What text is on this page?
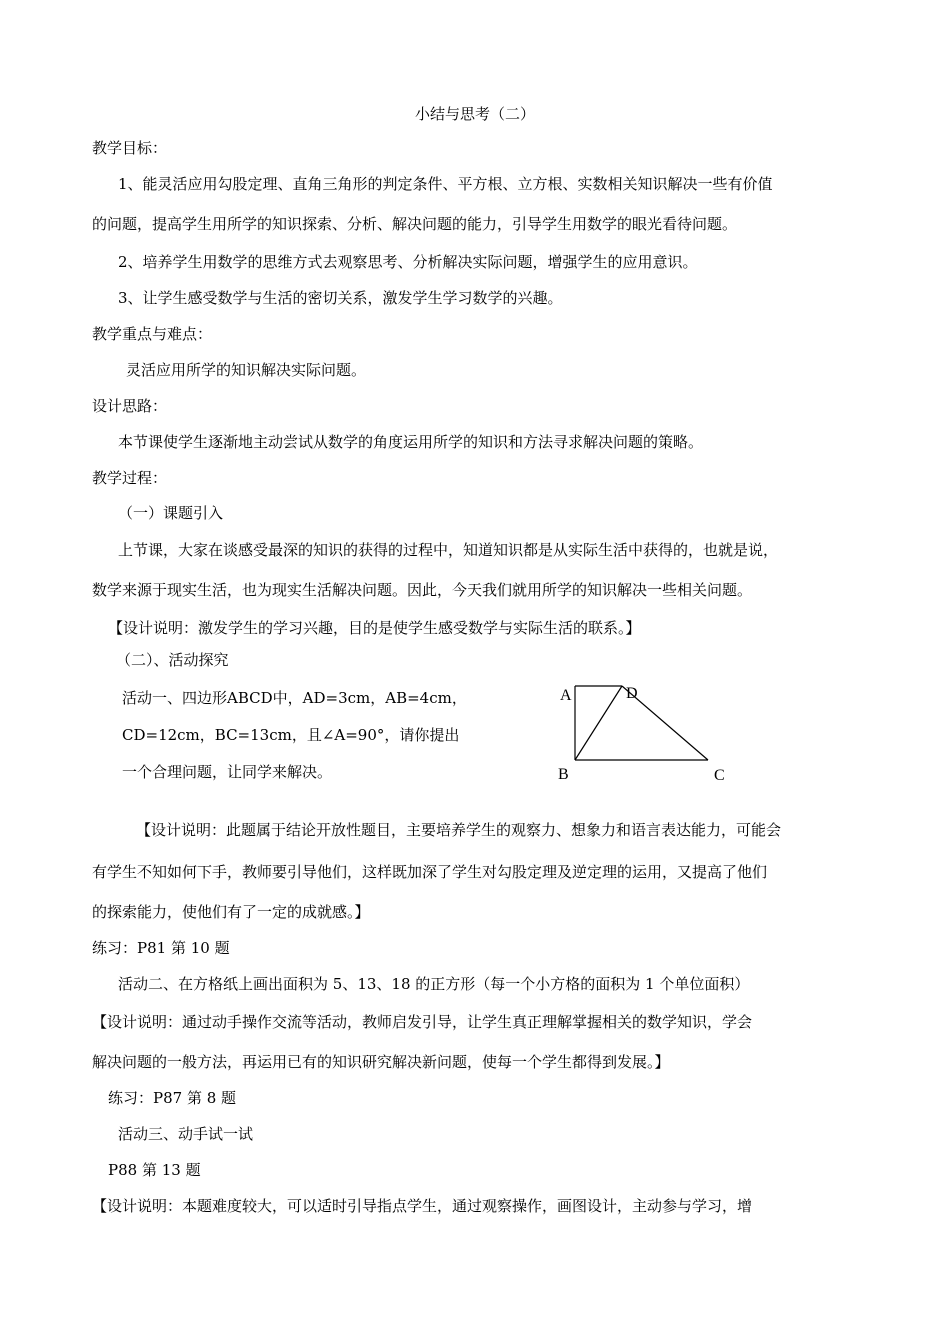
小结与思考（二）
教学目标：
1、能灵活应用勾股定理、直角三角形的判定条件、平方根、立方根、实数相关知识解决一些有价值
的问题，提高学生用所学的知识探索、分析、解决问题的能力，引导学生用数学的眼光看待问题。
2、培养学生用数学的思维方式去观察思考、分析解决实际问题，增强学生的应用意识。
3、让学生感受数学与生活的密切关系，激发学生学习数学的兴趣。
教学重点与难点：
灵活应用所学的知识解决实际问题。
设计思路：
本节课使学生逐渐地主动尝试从数学的角度运用所学的知识和方法寻求解决问题的策略。
教学过程：
（一）课题引入
上节课，大家在谈感受最深的知识的获得的过程中，知道知识都是从实际生活中获得的，也就是说，
数学来源于现实生活，也为现实生活解决问题。因此，今天我们就用所学的知识解决一些相关问题。
【设计说明：激发学生的学习兴趣，目的是使学生感受数学与实际生活的联系。】
（二）、活动探究
活动一、四边形ABCD中，AD=3cm，AB=4cm，
CD=12cm，BC=13cm，且∠A=90°，请你提出
一个合理问题，让同学来解决。
A	D
B	C
【设计说明：此题属于结论开放性题目，主要培养学生的观察力、想象力和语言表达能力，可能会
有学生不知如何下手，教师要引导他们，这样既加深了学生对勾股定理及逆定理的运用，又提高了他们
的探索能力，使他们有了一定的成就感。】
练习：P81 第 10 题
活动二、在方格纸上画出面积为 5、13、18 的正方形（每一个小方格的面积为 1 个单位面积）
【设计说明：通过动手操作交流等活动，教师启发引导，让学生真正理解掌握相关的数学知识，学会
解决问题的一般方法，再运用已有的知识研究解决新问题，使每一个学生都得到发展。】
练习：P87 第 8 题
活动三、动手试一试
P88 第 13 题
【设计说明：本题难度较大，可以适时引导指点学生，通过观察操作，画图设计，主动参与学习，增
